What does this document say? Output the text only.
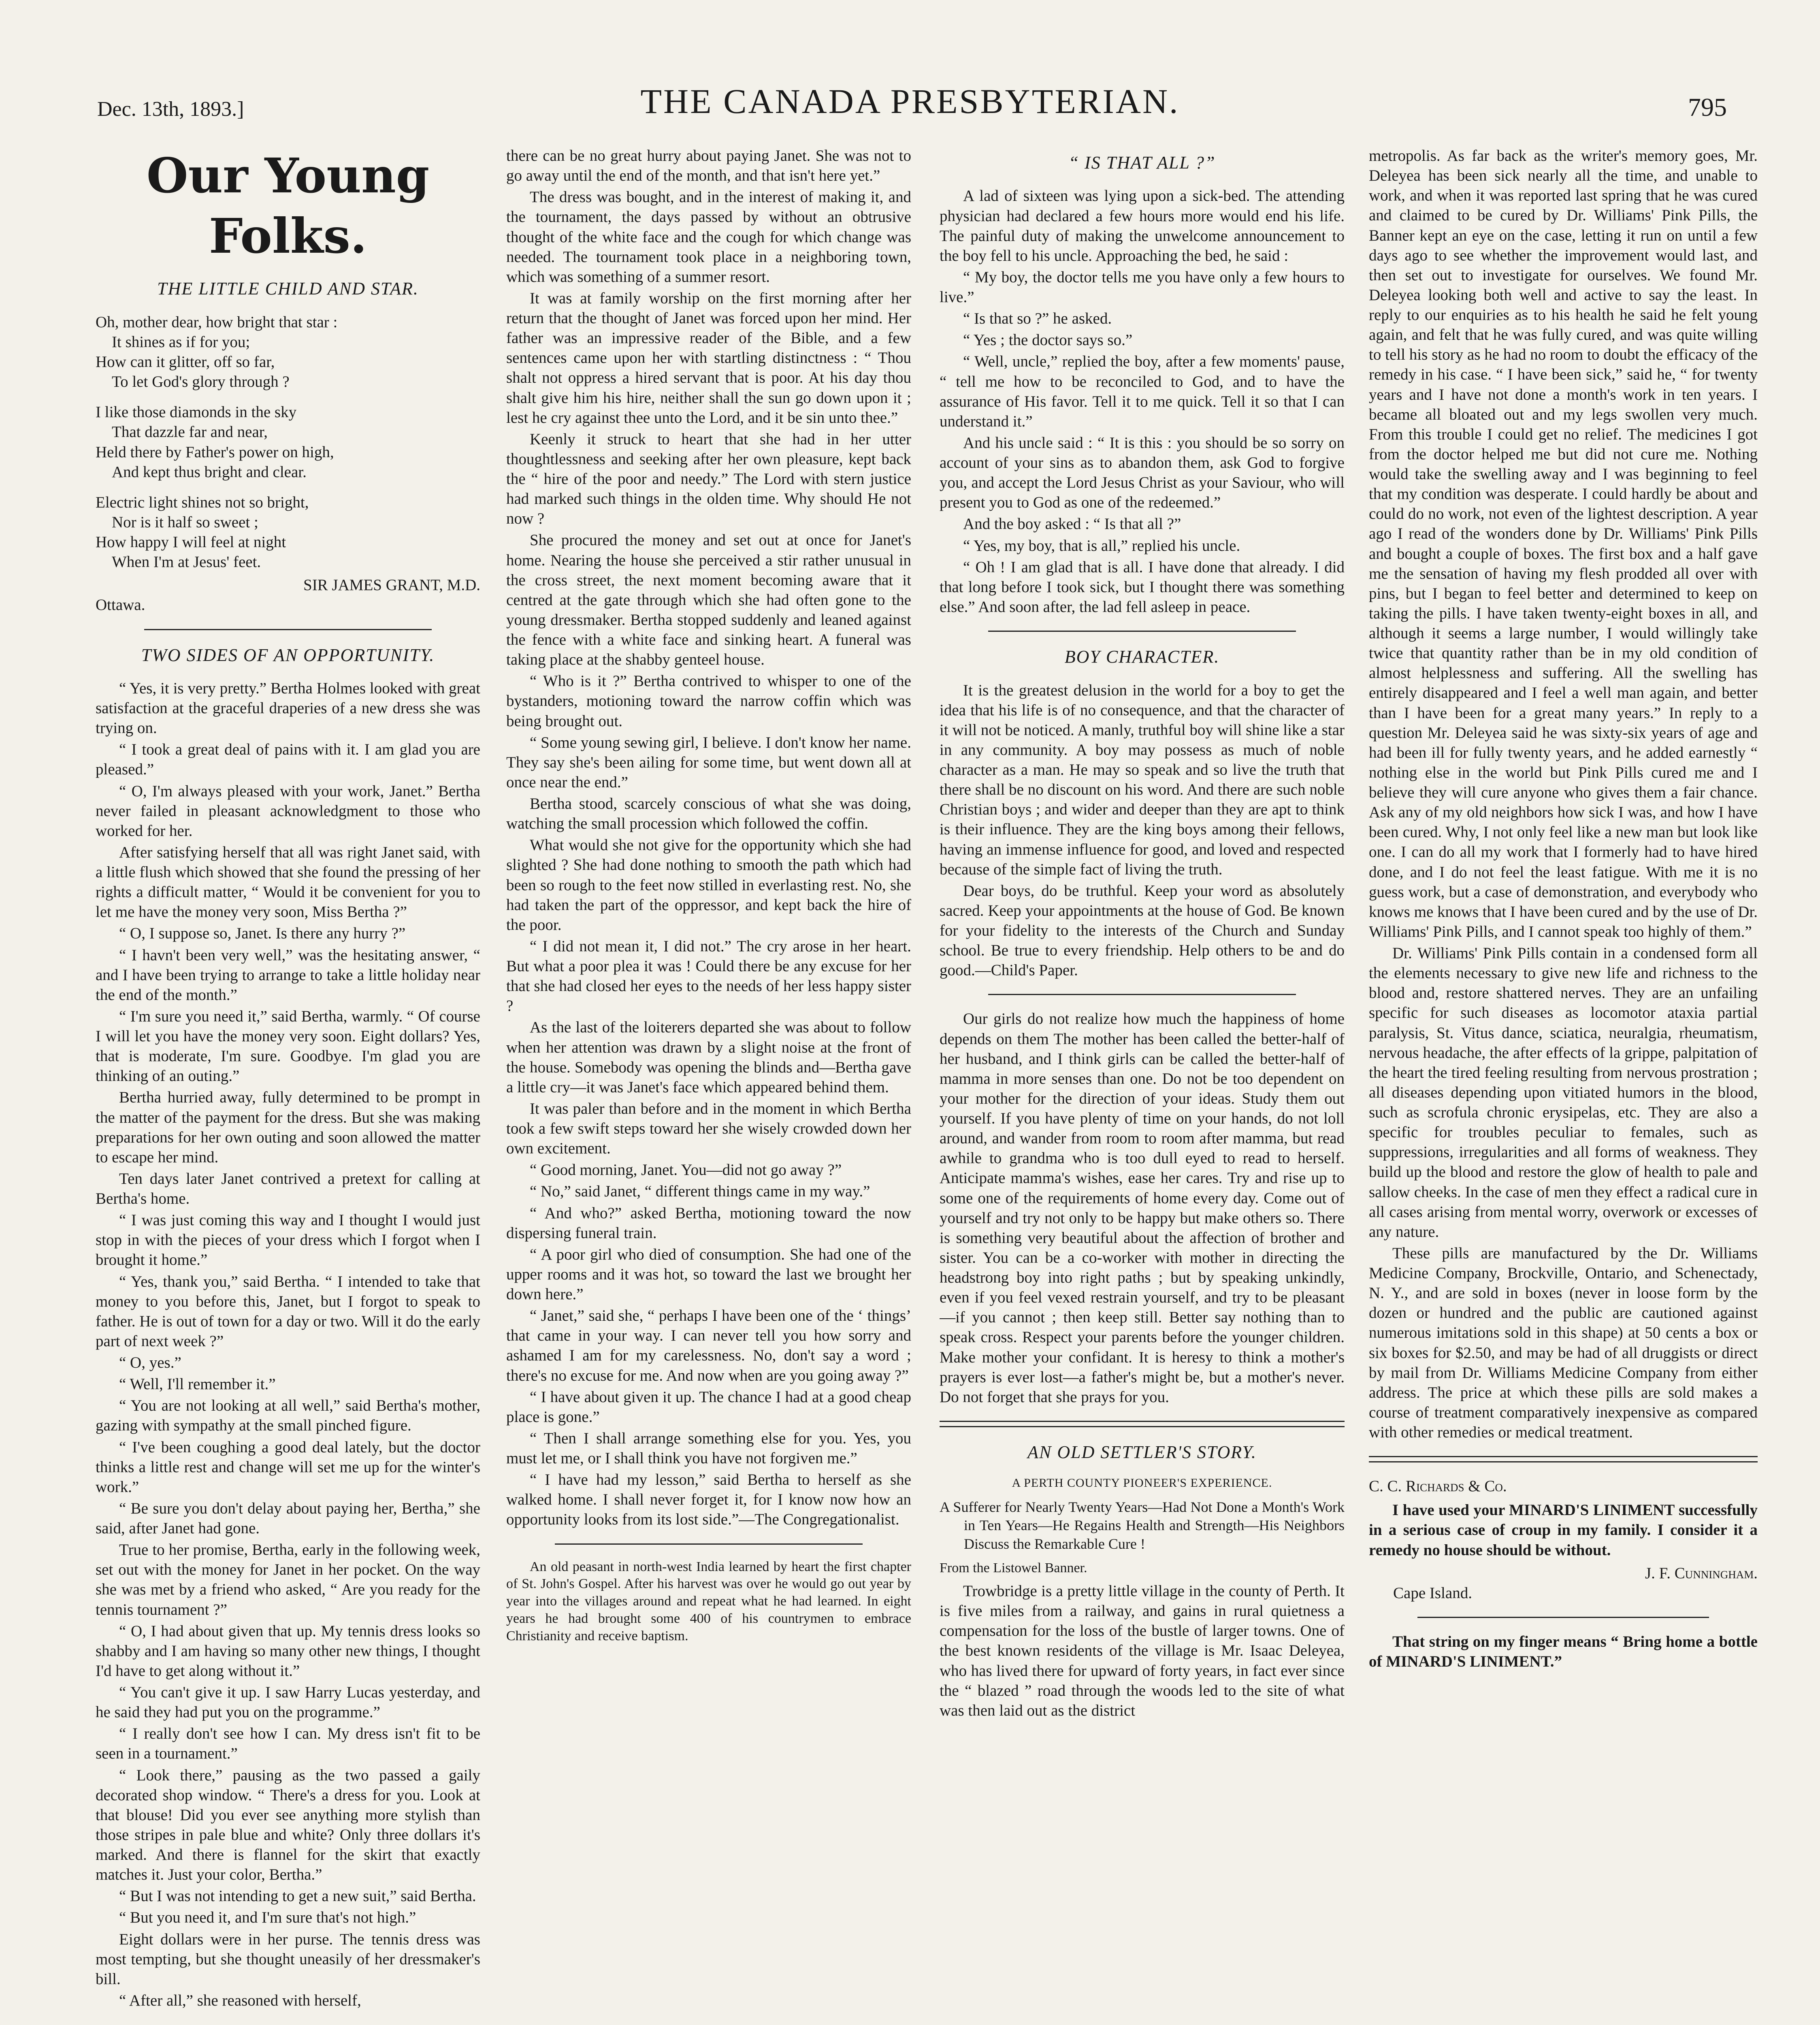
Dec. 13th, 1893.]	THE CANADA PRESBYTERIAN.	795
Our Young Folks.
THE LITTLE CHILD AND STAR.

Oh, mother dear, how bright that star :

It shines as if for you;

How can it glitter, off so far,

To let God's glory through ?

I like those diamonds in the sky

That dazzle far and near,

Held there by Father's power on high,

And kept thus bright and clear.

Electric light shines not so bright,

Nor is it half so sweet ;

How happy I will feel at night

When I'm at Jesus' feet.

SIR JAMES GRANT, M.D.

Ottawa.

TWO SIDES OF AN OPPORTUNITY.

“ Yes, it is very pretty.” Bertha Holmes looked with great satisfaction at the graceful draperies of a new dress she was trying on.

“ I took a great deal of pains with it. I am glad you are pleased.”

“ O, I'm always pleased with your work, Janet.” Bertha never failed in pleasant acknowledgment to those who worked for her.

After satisfying herself that all was right Janet said, with a little flush which showed that she found the pressing of her rights a difficult matter, “ Would it be convenient for you to let me have the money very soon, Miss Bertha ?”

“ O, I suppose so, Janet. Is there any hurry ?”

“ I havn't been very well,” was the hesitating answer, “ and I have been trying to arrange to take a little holiday near the end of the month.”

“ I'm sure you need it,” said Bertha, warmly. “ Of course I will let you have the money very soon. Eight dollars? Yes, that is moderate, I'm sure. Goodbye. I'm glad you are thinking of an outing.”

Bertha hurried away, fully determined to be prompt in the matter of the payment for the dress. But she was making preparations for her own outing and soon allowed the matter to escape her mind.

Ten days later Janet contrived a pretext for calling at Bertha's home.

“ I was just coming this way and I thought I would just stop in with the pieces of your dress which I forgot when I brought it home.”

“ Yes, thank you,” said Bertha. “ I intended to take that money to you before this, Janet, but I forgot to speak to father. He is out of town for a day or two. Will it do the early part of next week ?”

“ O, yes.”

“ Well, I'll remember it.”

“ You are not looking at all well,” said Bertha's mother, gazing with sympathy at the small pinched figure.

“ I've been coughing a good deal lately, but the doctor thinks a little rest and change will set me up for the winter's work.”

“ Be sure you don't delay about paying her, Bertha,” she said, after Janet had gone.

True to her promise, Bertha, early in the following week, set out with the money for Janet in her pocket. On the way she was met by a friend who asked, “ Are you ready for the tennis tournament ?”

“ O, I had about given that up. My tennis dress looks so shabby and I am having so many other new things, I thought I'd have to get along without it.”

“ You can't give it up. I saw Harry Lucas yesterday, and he said they had put you on the programme.”

“ I really don't see how I can. My dress isn't fit to be seen in a tournament.”

“ Look there,” pausing as the two passed a gaily decorated shop window. “ There's a dress for you. Look at that blouse! Did you ever see anything more stylish than those stripes in pale blue and white? Only three dollars it's marked. And there is flannel for the skirt that exactly matches it. Just your color, Bertha.”

“ But I was not intending to get a new suit,” said Bertha.

“ But you need it, and I'm sure that's not high.”

Eight dollars were in her purse. The tennis dress was most tempting, but she thought uneasily of her dressmaker's bill.

“ After all,” she reasoned with herself,

there can be no great hurry about paying Janet. She was not to go away until the end of the month, and that isn't here yet.”

The dress was bought, and in the interest of making it, and the tournament, the days passed by without an obtrusive thought of the white face and the cough for which change was needed. The tournament took place in a neighboring town, which was something of a summer resort.

It was at family worship on the first morning after her return that the thought of Janet was forced upon her mind. Her father was an impressive reader of the Bible, and a few sentences came upon her with startling distinctness : “ Thou shalt not oppress a hired servant that is poor. At his day thou shalt give him his hire, neither shall the sun go down upon it ; lest he cry against thee unto the Lord, and it be sin unto thee.”

Keenly it struck to heart that she had in her utter thoughtlessness and seeking after her own pleasure, kept back the “ hire of the poor and needy.” The Lord with stern justice had marked such things in the olden time. Why should He not now ?

She procured the money and set out at once for Janet's home. Nearing the house she perceived a stir rather unusual in the cross street, the next moment becoming aware that it centred at the gate through which she had often gone to the young dressmaker. Bertha stopped suddenly and leaned against the fence with a white face and sinking heart. A funeral was taking place at the shabby genteel house.

“ Who is it ?” Bertha contrived to whisper to one of the bystanders, motioning toward the narrow coffin which was being brought out.

“ Some young sewing girl, I believe. I don't know her name. They say she's been ailing for some time, but went down all at once near the end.”

Bertha stood, scarcely conscious of what she was doing, watching the small procession which followed the coffin.

What would she not give for the opportunity which she had slighted ? She had done nothing to smooth the path which had been so rough to the feet now stilled in everlasting rest. No, she had taken the part of the oppressor, and kept back the hire of the poor.

“ I did not mean it, I did not.” The cry arose in her heart. But what a poor plea it was ! Could there be any excuse for her that she had closed her eyes to the needs of her less happy sister ?

As the last of the loiterers departed she was about to follow when her attention was drawn by a slight noise at the front of the house. Somebody was opening the blinds and—Bertha gave a little cry—it was Janet's face which appeared behind them.

It was paler than before and in the moment in which Bertha took a few swift steps toward her she wisely crowded down her own excitement.

“ Good morning, Janet. You—did not go away ?”

“ No,” said Janet, “ different things came in my way.”

“ And who?” asked Bertha, motioning toward the now dispersing funeral train.

“ A poor girl who died of consumption. She had one of the upper rooms and it was hot, so toward the last we brought her down here.”

“ Janet,” said she, “ perhaps I have been one of the ‘ things’ that came in your way. I can never tell you how sorry and ashamed I am for my carelessness. No, don't say a word ; there's no excuse for me. And now when are you going away ?”

“ I have about given it up. The chance I had at a good cheap place is gone.”

“ Then I shall arrange something else for you. Yes, you must let me, or I shall think you have not forgiven me.”

“ I have had my lesson,” said Bertha to herself as she walked home. I shall never forget it, for I know now how an opportunity looks from its lost side.”—The Congregationalist.

An old peasant in north-west India learned by heart the first chapter of St. John's Gospel. After his harvest was over he would go out year by year into the villages around and repeat what he had learned. In eight years he had brought some 400 of his countrymen to embrace Christianity and receive baptism.

“ IS THAT ALL ?”

A lad of sixteen was lying upon a sick-bed. The attending physician had declared a few hours more would end his life. The painful duty of making the unwelcome announcement to the boy fell to his uncle. Approaching the bed, he said :

“ My boy, the doctor tells me you have only a few hours to live.”

“ Is that so ?” he asked.

“ Yes ; the doctor says so.”

“ Well, uncle,” replied the boy, after a few moments' pause, “ tell me how to be reconciled to God, and to have the assurance of His favor. Tell it to me quick. Tell it so that I can understand it.”

And his uncle said : “ It is this : you should be so sorry on account of your sins as to abandon them, ask God to forgive you, and accept the Lord Jesus Christ as your Saviour, who will present you to God as one of the redeemed.”

And the boy asked : “ Is that all ?”

“ Yes, my boy, that is all,” replied his uncle.

“ Oh ! I am glad that is all. I have done that already. I did that long before I took sick, but I thought there was something else.” And soon after, the lad fell asleep in peace.

BOY CHARACTER.

It is the greatest delusion in the world for a boy to get the idea that his life is of no consequence, and that the character of it will not be noticed. A manly, truthful boy will shine like a star in any community. A boy may possess as much of noble character as a man. He may so speak and so live the truth that there shall be no discount on his word. And there are such noble Christian boys ; and wider and deeper than they are apt to think is their influence. They are the king boys among their fellows, having an immense influence for good, and loved and respected because of the simple fact of living the truth.

Dear boys, do be truthful. Keep your word as absolutely sacred. Keep your appointments at the house of God. Be known for your fidelity to the interests of the Church and Sunday school. Be true to every friendship. Help others to be and do good.—Child's Paper.

Our girls do not realize how much the happiness of home depends on them The mother has been called the better-half of her husband, and I think girls can be called the better-half of mamma in more senses than one. Do not be too dependent on your mother for the direction of your ideas. Study them out yourself. If you have plenty of time on your hands, do not loll around, and wander from room to room after mamma, but read awhile to grandma who is too dull eyed to read to herself. Anticipate mamma's wishes, ease her cares. Try and rise up to some one of the requirements of home every day. Come out of yourself and try not only to be happy but make others so. There is something very beautiful about the affection of brother and sister. You can be a co-worker with mother in directing the headstrong boy into right paths ; but by speaking unkindly, even if you feel vexed restrain yourself, and try to be pleasant—if you cannot ; then keep still. Better say nothing than to speak cross. Respect your parents before the younger children. Make mother your confidant. It is heresy to think a mother's prayers is ever lost—a father's might be, but a mother's never. Do not forget that she prays for you.

AN OLD SETTLER'S STORY.

A PERTH COUNTY PIONEER'S EXPERIENCE.

A Sufferer for Nearly Twenty Years—Had Not Done a Month's Work in Ten Years—He Regains Health and Strength—His Neighbors Discuss the Remarkable Cure !

From the Listowel Banner.

Trowbridge is a pretty little village in the county of Perth. It is five miles from a railway, and gains in rural quietness a compensation for the loss of the bustle of larger towns. One of the best known residents of the village is Mr. Isaac Deleyea, who has lived there for upward of forty years, in fact ever since the “ blazed ” road through the woods led to the site of what was then laid out as the district

metropolis. As far back as the writer's memory goes, Mr. Deleyea has been sick nearly all the time, and unable to work, and when it was reported last spring that he was cured and claimed to be cured by Dr. Williams' Pink Pills, the Banner kept an eye on the case, letting it run on until a few days ago to see whether the improvement would last, and then set out to investigate for ourselves. We found Mr. Deleyea looking both well and active to say the least. In reply to our enquiries as to his health he said he felt young again, and felt that he was fully cured, and was quite willing to tell his story as he had no room to doubt the efficacy of the remedy in his case. “ I have been sick,” said he, “ for twenty years and I have not done a month's work in ten years. I became all bloated out and my legs swollen very much. From this trouble I could get no relief. The medicines I got from the doctor helped me but did not cure me. Nothing would take the swelling away and I was beginning to feel that my condition was desperate. I could hardly be about and could do no work, not even of the lightest description. A year ago I read of the wonders done by Dr. Williams' Pink Pills and bought a couple of boxes. The first box and a half gave me the sensation of having my flesh prodded all over with pins, but I began to feel better and determined to keep on taking the pills. I have taken twenty-eight boxes in all, and although it seems a large number, I would willingly take twice that quantity rather than be in my old condition of almost helplessness and suffering. All the swelling has entirely disappeared and I feel a well man again, and better than I have been for a great many years.” In reply to a question Mr. Deleyea said he was sixty-six years of age and had been ill for fully twenty years, and he added earnestly “ nothing else in the world but Pink Pills cured me and I believe they will cure anyone who gives them a fair chance. Ask any of my old neighbors how sick I was, and how I have been cured. Why, I not only feel like a new man but look like one. I can do all my work that I formerly had to have hired done, and I do not feel the least fatigue. With me it is no guess work, but a case of demonstration, and everybody who knows me knows that I have been cured and by the use of Dr. Williams' Pink Pills, and I cannot speak too highly of them.”

Dr. Williams' Pink Pills contain in a condensed form all the elements necessary to give new life and richness to the blood and, restore shattered nerves. They are an unfailing specific for such diseases as locomotor ataxia partial paralysis, St. Vitus dance, sciatica, neuralgia, rheumatism, nervous headache, the after effects of la grippe, palpitation of the heart the tired feeling resulting from nervous prostration ; all diseases depending upon vitiated humors in the blood, such as scrofula chronic erysipelas, etc. They are also a specific for troubles peculiar to females, such as suppressions, irregularities and all forms of weakness. They build up the blood and restore the glow of health to pale and sallow cheeks. In the case of men they effect a radical cure in all cases arising from mental worry, overwork or excesses of any nature.

These pills are manufactured by the Dr. Williams Medicine Company, Brockville, Ontario, and Schenectady, N. Y., and are sold in boxes (never in loose form by the dozen or hundred and the public are cautioned against numerous imitations sold in this shape) at 50 cents a box or six boxes for $2.50, and may be had of all druggists or direct by mail from Dr. Williams Medicine Company from either address. The price at which these pills are sold makes a course of treatment comparatively inexpensive as compared with other remedies or medical treatment.

C. C. Richards & Co.

I have used your MINARD'S LINIMENT successfully in a serious case of croup in my family. I consider it a remedy no house should be without.

J. F. Cunningham.

Cape Island.

That string on my finger means “ Bring home a bottle of MINARD'S LINIMENT.”
